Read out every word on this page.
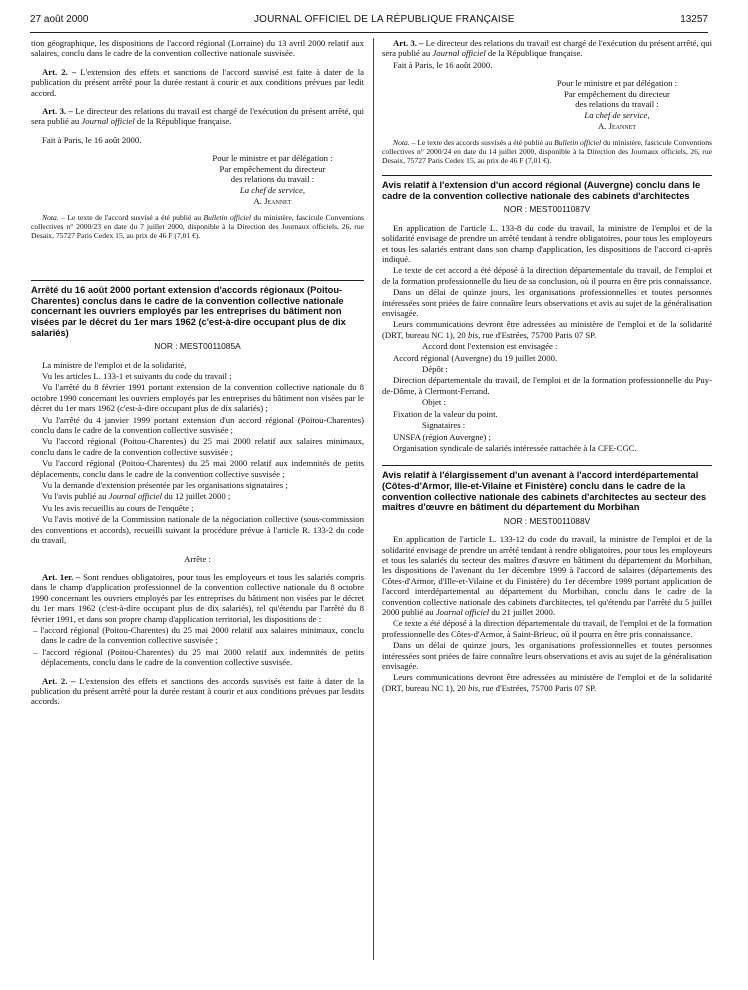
27 août 2000	JOURNAL OFFICIEL DE LA RÉPUBLIQUE FRANÇAISE	13257

tion géographique, les dispositions de l'accord régional (Lorraine) du 13 avril 2000 relatif aux salaires, conclu dans le cadre de la convention collective nationale susvisée.

Art. 2. – L'extension des effets et sanctions de l'accord susvisé est faite à dater de la publication du présent arrêté pour la durée restant à courir et aux conditions prévues par ledit accord.

Art. 3. – Le directeur des relations du travail est chargé de l'exécution du présent arrêté, qui sera publié au Journal officiel de la République française.

Fait à Paris, le 16 août 2000.

Pour le ministre et par délégation :
Par empêchement du directeur
des relations du travail :
La chef de service,
A. Jeannet

Nota. – Le texte de l'accord susvisé a été publié au Bulletin officiel du ministère, fascicule Conventions collectives n° 2000/23 en date du 7 juillet 2000, disponible à la Direction des Journaux officiels, 26, rue Desaix, 75727 Paris Cedex 15, au prix de 46 F (7,01 €).

Arrêté du 16 août 2000 portant extension d'accords régionaux (Poitou-Charentes) conclus dans le cadre de la convention collective nationale concernant les ouvriers employés par les entreprises du bâtiment non visées par le décret du 1er mars 1962 (c'est-à-dire occupant plus de dix salariés)
NOR : MESТ0011085A

La ministre de l'emploi et de la solidarité,

Vu les articles L. 133-1 et suivants du code du travail ;

Vu l'arrêté du 8 février 1991 portant extension de la convention collective nationale du 8 octobre 1990 concernant les ouvriers employés par les entreprises du bâtiment non visées par le décret du 1er mars 1962 (c'est-à-dire occupant plus de dix salariés) ;

Vu l'arrêté du 4 janvier 1999 portant extension d'un accord régional (Poitou-Charentes) conclu dans le cadre de la convention collective susvisée ;

Vu l'accord régional (Poitou-Charentes) du 25 mai 2000 relatif aux salaires minimaux, conclu dans le cadre de la convention collective susvisée ;

Vu l'accord régional (Poitou-Charentes) du 25 mai 2000 relatif aux indemnités de petits déplacements, conclu dans le cadre de la convention collective susvisée ;

Vu la demande d'extension présentée par les organisations signataires ;

Vu l'avis publié au Journal officiel du 12 juillet 2000 ;

Vu les avis recueillis au cours de l'enquête ;

Vu l'avis motivé de la Commission nationale de la négociation collective (sous-commission des conventions et accords), recueilli suivant la procédure prévue à l'article R. 133-2 du code du travail,

Arrête :

Art. 1er. – Sont rendues obligatoires, pour tous les employeurs et tous les salariés compris dans le champ d'application professionnel de la convention collective nationale du 8 octobre 1990 concernant les ouvriers employés par les entreprises du bâtiment non visées par le décret du 1er mars 1962 (c'est-à-dire occupant plus de dix salariés), tel qu'étendu par l'arrêté du 8 février 1991, et dans son propre champ d'application territorial, les dispositions de :

– l'accord régional (Poitou-Charentes) du 25 mai 2000 relatif aux salaires minimaux, conclu dans le cadre de la convention collective susvisée ;

– l'accord régional (Poitou-Charentes) du 25 mai 2000 relatif aux indemnités de petits déplacements, conclu dans le cadre de la convention collective susvisée.

Art. 2. – L'extension des effets et sanctions des accords susvisés est faite à dater de la publication du présent arrêté pour la durée restant à courir et aux conditions prévues par lesdits accords.

Art. 3. – Le directeur des relations du travail est chargé de l'exécution du présent arrêté, qui sera publié au Journal officiel de la République française.

Fait à Paris, le 16 août 2000.

Pour le ministre et par délégation :
Par empêchement du directeur
des relations du travail :
La chef de service,
A. Jeannet

Nota. – Le texte des accords susvisés a été publié au Bulletin officiel du ministère, fascicule Conventions collectives n° 2000/24 en date du 14 juillet 2000, disponible à la Direction des Journaux officiels, 26, rue Desaix, 75727 Paris Cedex 15, au prix de 46 F (7,01 €).

Avis relatif à l'extension d'un accord régional (Auvergne) conclu dans le cadre de la convention collective nationale des cabinets d'architectes
NOR : MESТ0011087V

En application de l'article L. 133-8 du code du travail, la ministre de l'emploi et de la solidarité envisage de prendre un arrêté tendant à rendre obligatoires, pour tous les employeurs et tous les salariés entrant dans son champ d'application, les dispositions de l'accord ci-après indiqué.

Le texte de cet accord a été déposé à la direction départementale du travail, de l'emploi et de la formation professionnelle du lieu de sa conclusion, où il pourra en être pris connaissance.

Dans un délai de quinze jours, les organisations professionnelles et toutes personnes intéressées sont priées de faire connaître leurs observations et avis au sujet de la généralisation envisagée.

Leurs communications devront être adressées au ministère de l'emploi et de la solidarité (DRT, bureau NC 1), 20 bis, rue d'Estrées, 75700 Paris 07 SP.

Accord dont l'extension est envisagée :

Accord régional (Auvergne) du 19 juillet 2000.

Dépôt :

Direction départementale du travail, de l'emploi et de la formation professionnelle du Puy-de-Dôme, à Clermont-Ferrand.

Objet :

Fixation de la valeur du point.

Signataires :

UNSFA (région Auvergne) ;

Organisation syndicale de salariés intéressée rattachée à la CFE-CGC.

Avis relatif à l'élargissement d'un avenant à l'accord interdépartemental (Côtes-d'Armor, Ille-et-Vilaine et Finistère) conclu dans le cadre de la convention collective nationale des cabinets d'architectes au secteur des maîtres d'œuvre en bâtiment du département du Morbihan
NOR : MESТ0011088V

En application de l'article L. 133-12 du code du travail, la ministre de l'emploi et de la solidarité envisage de prendre un arrêté tendant à rendre obligatoires, pour tous les employeurs et tous les salariés du secteur des maîtres d'œuvre en bâtiment du département du Morbihan, les dispositions de l'avenant du 1er décembre 1999 à l'accord de salaires (départements des Côtes-d'Armor, d'Ille-et-Vilaine et du Finistère) du 1er décembre 1999 portant application de l'accord interdépartemental au département du Morbihan, conclu dans le cadre de la convention collective nationale des cabinets d'architectes, tel qu'étendu par l'arrêté du 5 juillet 2000 publié au Journal officiel du 21 juillet 2000.

Ce texte a été déposé à la direction départementale du travail, de l'emploi et de la formation professionnelle des Côtes-d'Armor, à Saint-Brieuc, où il pourra en être pris connaissance.

Dans un délai de quinze jours, les organisations professionnelles et toutes personnes intéressées sont priées de faire connaître leurs observations et avis au sujet de la généralisation envisagée.

Leurs communications devront être adressées au ministère de l'emploi et de la solidarité (DRT, bureau NC 1), 20 bis, rue d'Estrées, 75700 Paris 07 SP.
